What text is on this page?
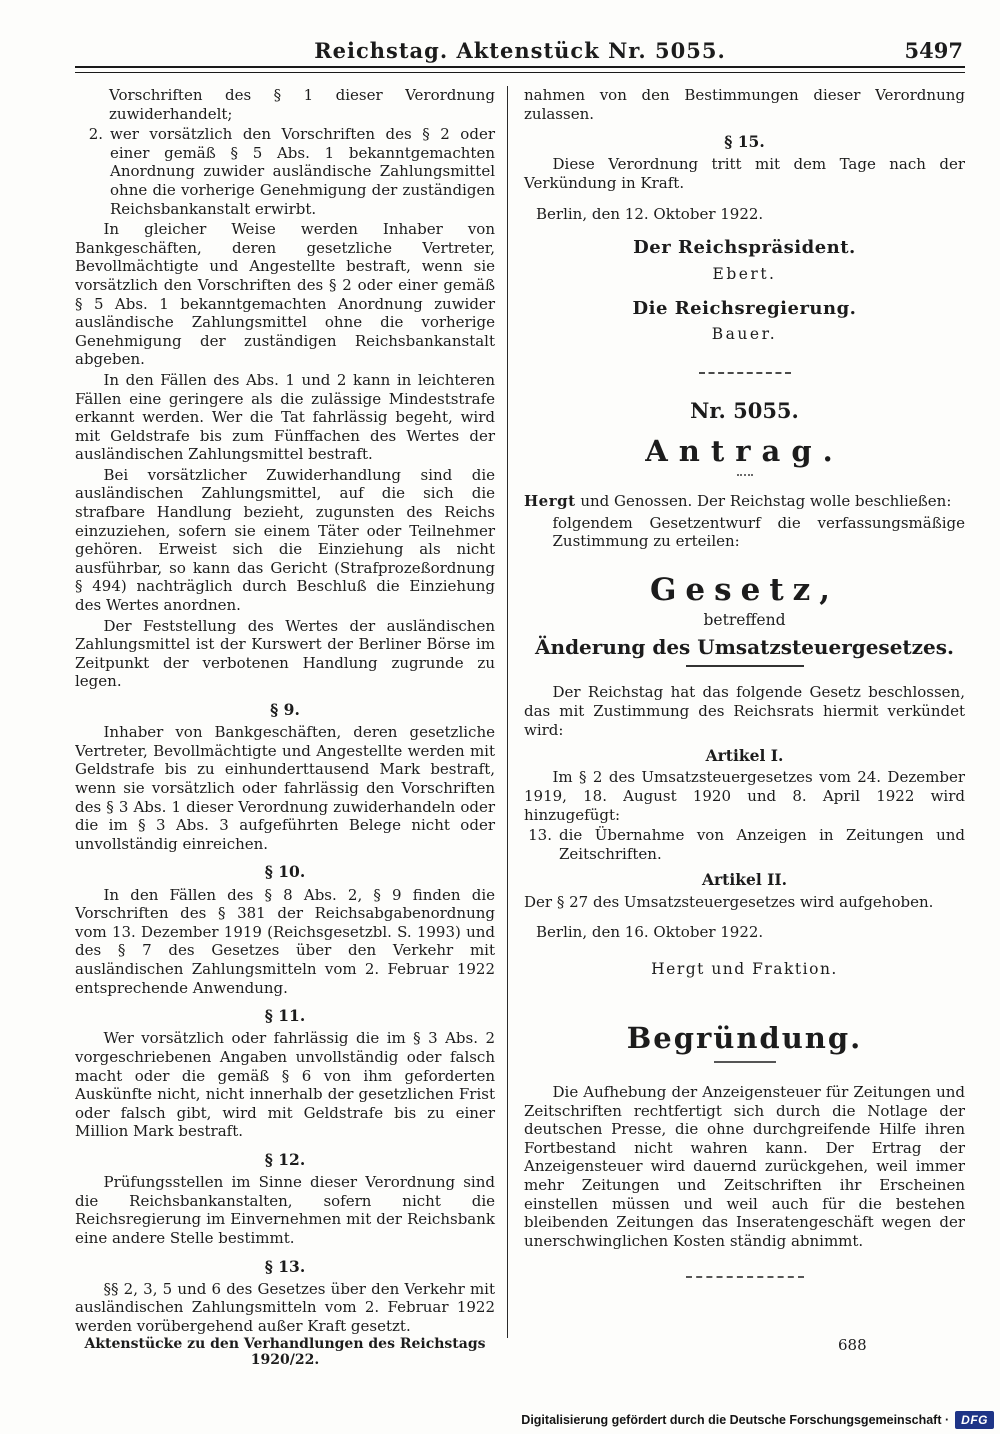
Reichstag. Aktenstück Nr. 5055.	5497

Vorschriften des § 1 dieser Verordnung zuwiderhandelt;

2. wer vorsätzlich den Vorschriften des § 2 oder einer gemäß § 5 Abs. 1 bekanntgemachten Anordnung zuwider ausländische Zahlungsmittel ohne die vorherige Genehmigung der zuständigen Reichsbankanstalt erwirbt.

In gleicher Weise werden Inhaber von Bankgeschäften, deren gesetzliche Vertreter, Bevollmächtigte und Angestellte bestraft, wenn sie vorsätzlich den Vorschriften des § 2 oder einer gemäß § 5 Abs. 1 bekanntgemachten Anordnung zuwider ausländische Zahlungsmittel ohne die vorherige Genehmigung der zuständigen Reichsbankanstalt abgeben.

In den Fällen des Abs. 1 und 2 kann in leichteren Fällen eine geringere als die zulässige Mindeststrafe erkannt werden. Wer die Tat fahrlässig begeht, wird mit Geldstrafe bis zum Fünffachen des Wertes der ausländischen Zahlungsmittel bestraft.

Bei vorsätzlicher Zuwiderhandlung sind die ausländischen Zahlungsmittel, auf die sich die strafbare Handlung bezieht, zugunsten des Reichs einzuziehen, sofern sie einem Täter oder Teilnehmer gehören. Erweist sich die Einziehung als nicht ausführbar, so kann das Gericht (Strafprozeßordnung § 494) nachträglich durch Beschluß die Einziehung des Wertes anordnen.

Der Feststellung des Wertes der ausländischen Zahlungsmittel ist der Kurswert der Berliner Börse im Zeitpunkt der verbotenen Handlung zugrunde zu legen.

§ 9.

Inhaber von Bankgeschäften, deren gesetzliche Vertreter, Bevollmächtigte und Angestellte werden mit Geldstrafe bis zu einhunderttausend Mark bestraft, wenn sie vorsätzlich oder fahrlässig den Vorschriften des § 3 Abs. 1 dieser Verordnung zuwiderhandeln oder die im § 3 Abs. 3 aufgeführten Belege nicht oder unvollständig einreichen.

§ 10.

In den Fällen des § 8 Abs. 2, § 9 finden die Vorschriften des § 381 der Reichsabgabenordnung vom 13. Dezember 1919 (Reichsgesetzbl. S. 1993) und des § 7 des Gesetzes über den Verkehr mit ausländischen Zahlungsmitteln vom 2. Februar 1922 entsprechende Anwendung.

§ 11.

Wer vorsätzlich oder fahrlässig die im § 3 Abs. 2 vorgeschriebenen Angaben unvollständig oder falsch macht oder die gemäß § 6 von ihm geforderten Auskünfte nicht, nicht innerhalb der gesetzlichen Frist oder falsch gibt, wird mit Geldstrafe bis zu einer Million Mark bestraft.

§ 12.

Prüfungsstellen im Sinne dieser Verordnung sind die Reichsbankanstalten, sofern nicht die Reichsregierung im Einvernehmen mit der Reichsbank eine andere Stelle bestimmt.

§ 13.

§§ 2, 3, 5 und 6 des Gesetzes über den Verkehr mit ausländischen Zahlungsmitteln vom 2. Februar 1922 werden vorübergehend außer Kraft gesetzt.

nahmen von den Bestimmungen dieser Verordnung zulassen.

§ 15.

Diese Verordnung tritt mit dem Tage nach der Verkündung in Kraft.

Berlin, den 12. Oktober 1922.

Der Reichspräsident.
Ebert.
Die Reichsregierung.
Bauer.
Nr. 5055.
Antrag.

Hergt und Genossen. Der Reichstag wolle beschließen:

folgendem Gesetzentwurf die verfassungsmäßige Zustimmung zu erteilen:

Gesetz,
betreffend
Änderung des Umsatzsteuergesetzes.

Der Reichstag hat das folgende Gesetz beschlossen, das mit Zustimmung des Reichsrats hiermit verkündet wird:

Artikel I.

Im § 2 des Umsatzsteuergesetzes vom 24. Dezember 1919, 18. August 1920 und 8. April 1922 wird hinzugefügt:

13. die Übernahme von Anzeigen in Zeitungen und Zeitschriften.

Artikel II.

Der § 27 des Umsatzsteuergesetzes wird aufgehoben.

Berlin, den 16. Oktober 1922.

Hergt und Fraktion.
Begründung.

Die Aufhebung der Anzeigensteuer für Zeitungen und Zeitschriften rechtfertigt sich durch die Notlage der deutschen Presse, die ohne durchgreifende Hilfe ihren Fortbestand nicht wahren kann. Der Ertrag der Anzeigensteuer wird dauernd zurückgehen, weil immer mehr Zeitungen und Zeitschriften ihr Erscheinen einstellen müssen und weil auch für die bestehen bleibenden Zeitungen das Inseratengeschäft wegen der unerschwinglichen Kosten ständig abnimmt.

Aktenstücke zu den Verhandlungen des Reichstags 1920/22.
688
Digitalisierung gefördert durch die Deutsche Forschungsgemeinschaft ·	DFG
